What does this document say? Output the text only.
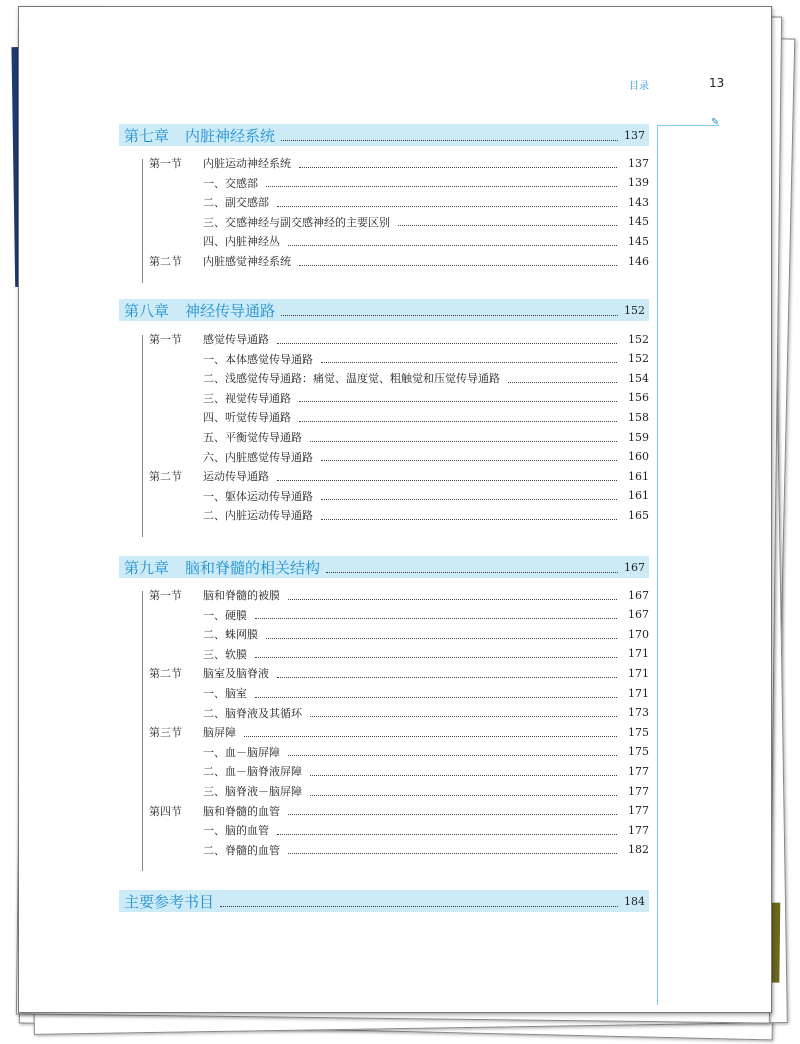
目录	13
✎
第七章 内脏神经系统	137
第一节	内脏运动神经系统	137
一、交感部	139
二、副交感部	143
三、交感神经与副交感神经的主要区别	145
四、内脏神经丛	145
第二节	内脏感觉神经系统	146
第八章 神经传导通路	152
第一节	感觉传导通路	152
一、本体感觉传导通路	152
二、浅感觉传导通路：痛觉、温度觉、粗触觉和压觉传导通路	154
三、视觉传导通路	156
四、听觉传导通路	158
五、平衡觉传导通路	159
六、内脏感觉传导通路	160
第二节	运动传导通路	161
一、躯体运动传导通路	161
二、内脏运动传导通路	165
第九章 脑和脊髓的相关结构	167
第一节	脑和脊髓的被膜	167
一、硬膜	167
二、蛛网膜	170
三、软膜	171
第二节	脑室及脑脊液	171
一、脑室	171
二、脑脊液及其循环	173
第三节	脑屏障	175
一、血－脑屏障	175
二、血－脑脊液屏障	177
三、脑脊液－脑屏障	177
第四节	脑和脊髓的血管	177
一、脑的血管	177
二、脊髓的血管	182
主要参考书目	184
